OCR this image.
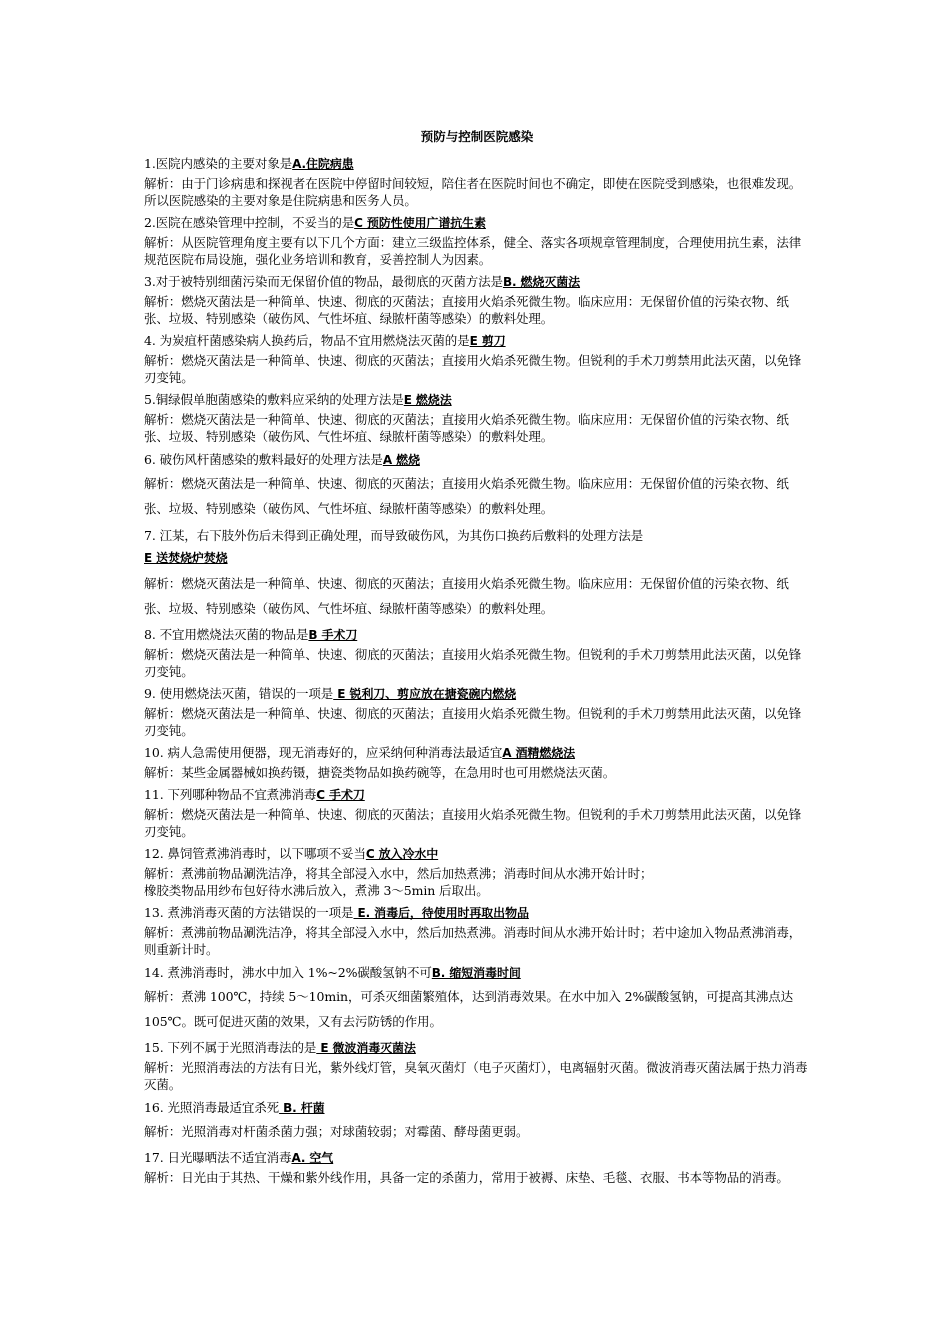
预防与控制医院感染

1.医院内感染的主要对象是A.住院病患

解析：由于门诊病患和探视者在医院中停留时间较短，陪住者在医院时间也不确定，即使在医院受到感染，也很难发现。所以医院感染的主要对象是住院病患和医务人员。

2.医院在感染管理中控制，不妥当的是C 预防性使用广谱抗生素

解析：从医院管理角度主要有以下几个方面：建立三级监控体系，健全、落实各项规章管理制度，合理使用抗生素，法律规范医院布局设施，强化业务培训和教育，妥善控制人为因素。

3.对于被特别细菌污染而无保留价值的物品，最彻底的灭菌方法是B. 燃烧灭菌法

解析：燃烧灭菌法是一种简单、快速、彻底的灭菌法；直接用火焰杀死微生物。临床应用：无保留价值的污染衣物、纸张、垃圾、特别感染（破伤风、气性坏疽、绿脓杆菌等感染）的敷料处理。

4. 为炭疽杆菌感染病人换药后，物品不宜用燃烧法灭菌的是E 剪刀

解析：燃烧灭菌法是一种简单、快速、彻底的灭菌法；直接用火焰杀死微生物。但锐利的手术刀剪禁用此法灭菌，以免锋刃变钝。

5.铜绿假单胞菌感染的敷料应采纳的处理方法是E 燃烧法

解析：燃烧灭菌法是一种简单、快速、彻底的灭菌法；直接用火焰杀死微生物。临床应用：无保留价值的污染衣物、纸张、垃圾、特别感染（破伤风、气性坏疽、绿脓杆菌等感染）的敷料处理。

6. 破伤风杆菌感染的敷料最好的处理方法是A 燃烧

解析：燃烧灭菌法是一种简单、快速、彻底的灭菌法；直接用火焰杀死微生物。临床应用：无保留价值的污染衣物、纸张、垃圾、特别感染（破伤风、气性坏疽、绿脓杆菌等感染）的敷料处理。

7. 江某，右下肢外伤后未得到正确处理，而导致破伤风，为其伤口换药后敷料的处理方法是

E 送焚烧炉焚烧

解析：燃烧灭菌法是一种简单、快速、彻底的灭菌法；直接用火焰杀死微生物。临床应用：无保留价值的污染衣物、纸张、垃圾、特别感染（破伤风、气性坏疽、绿脓杆菌等感染）的敷料处理。

8. 不宜用燃烧法灭菌的物品是B 手术刀

解析：燃烧灭菌法是一种简单、快速、彻底的灭菌法；直接用火焰杀死微生物。但锐利的手术刀剪禁用此法灭菌，以免锋刃变钝。

9. 使用燃烧法灭菌，错误的一项是 E 锐利刀、剪应放在搪瓷碗内燃烧

解析：燃烧灭菌法是一种简单、快速、彻底的灭菌法；直接用火焰杀死微生物。但锐利的手术刀剪禁用此法灭菌，以免锋刃变钝。

10. 病人急需使用便器，现无消毒好的，应采纳何种消毒法最适宜A 酒精燃烧法

解析：某些金属器械如换药镊，搪瓷类物品如换药碗等，在急用时也可用燃烧法灭菌。

11. 下列哪种物品不宜煮沸消毒C 手术刀

解析：燃烧灭菌法是一种简单、快速、彻底的灭菌法；直接用火焰杀死微生物。但锐利的手术刀剪禁用此法灭菌，以免锋刃变钝。

12. 鼻饲管煮沸消毒时，以下哪项不妥当C 放入冷水中

解析：煮沸前物品涮洗洁净，将其全部浸入水中，然后加热煮沸；消毒时间从水沸开始计时；
橡胶类物品用纱布包好待水沸后放入，煮沸 3～5min 后取出。

13. 煮沸消毒灭菌的方法错误的一项是 E. 消毒后，待使用时再取出物品

解析：煮沸前物品涮洗洁净，将其全部浸入水中，然后加热煮沸。消毒时间从水沸开始计时；若中途加入物品煮沸消毒，则重新计时。

14. 煮沸消毒时，沸水中加入 1%~2%碳酸氢钠不可B. 缩短消毒时间

解析：煮沸 100℃，持续 5～10min，可杀灭细菌繁殖体，达到消毒效果。在水中加入 2%碳酸氢钠，可提高其沸点达 105℃。既可促进灭菌的效果，又有去污防锈的作用。

15. 下列不属于光照消毒法的是 E 微波消毒灭菌法

解析：光照消毒法的方法有日光，紫外线灯管，臭氧灭菌灯（电子灭菌灯），电离辐射灭菌。微波消毒灭菌法属于热力消毒灭菌。

16. 光照消毒最适宜杀死 B. 杆菌

解析：光照消毒对杆菌杀菌力强；对球菌较弱；对霉菌、酵母菌更弱。

17. 日光曝晒法不适宜消毒A. 空气

解析：日光由于其热、干燥和紫外线作用，具备一定的杀菌力，常用于被褥、床垫、毛毯、衣服、书本等物品的消毒。
